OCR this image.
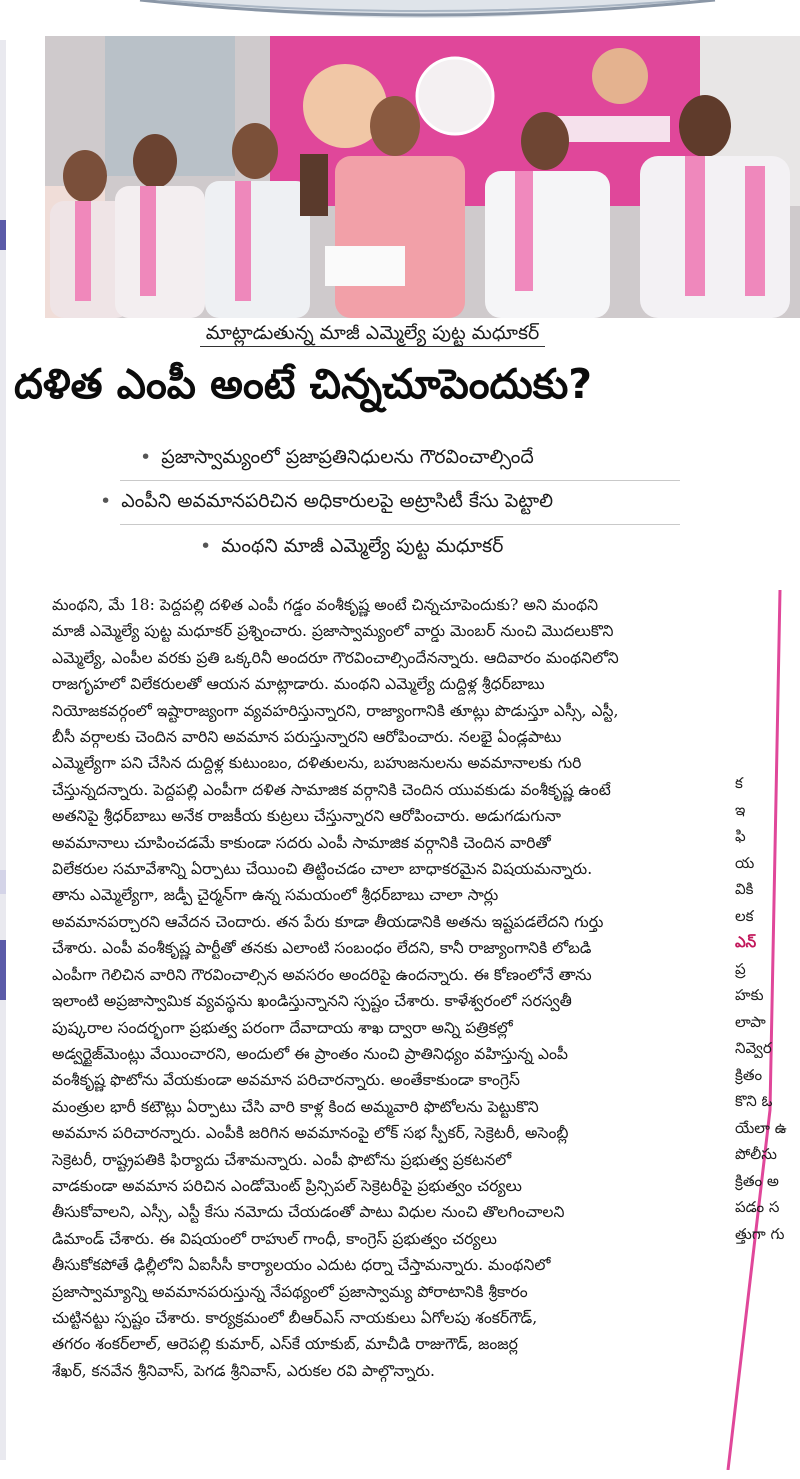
మాట్లాడుతున్న మాజీ ఎమ్మెల్యే పుట్ట మధూకర్
దళిత ఎంపీ అంటే చిన్నచూపెందుకు?
• ప్రజాస్వామ్యంలో ప్రజాప్రతినిధులను గౌరవించాల్సిందే
• ఎంపీని అవమానపరిచిన అధికారులపై అట్రాసిటీ కేసు పెట్టాలి
• మంథని మాజీ ఎమ్మెల్యే పుట్ట మధూకర్
మంథని, మే 18: పెద్దపల్లి దళిత ఎంపీ గడ్డం వంశీకృష్ణ అంటే చిన్నచూపెందుకు? అని మంథని
మాజీ ఎమ్మెల్యే పుట్ట మధూకర్ ప్రశ్నించారు. ప్రజాస్వామ్యంలో వార్డు మెంబర్ నుంచి మొదలుకొని
ఎమ్మెల్యే, ఎంపీల వరకు ప్రతి ఒక్కరినీ అందరూ గౌరవించాల్సిందేనన్నారు. ఆదివారం మంథనిలోని
రాజగృహలో విలేకరులతో ఆయన మాట్లాడారు. మంథని ఎమ్మెల్యే దుద్దిళ్ల శ్రీధర్‌బాబు
నియోజకవర్గంలో ఇష్టారాజ్యంగా వ్యవహరిస్తున్నారని, రాజ్యాంగానికి తూట్లు పొడుస్తూ ఎస్సీ, ఎస్టీ,
బీసీ వర్గాలకు చెందిన వారిని అవమాన పరుస్తున్నారని ఆరోపించారు. నలభై ఏండ్లపాటు
ఎమ్మెల్యేగా పని చేసిన దుద్దిళ్ల కుటుంబం, దళితులను, బహుజనులను అవమానాలకు గురి
చేస్తున్నదన్నారు. పెద్దపల్లి ఎంపీగా దళిత సామాజిక వర్గానికి చెందిన యువకుడు వంశీకృష్ణ ఉంటే
అతనిపై శ్రీధర్‌బాబు అనేక రాజకీయ కుట్రలు చేస్తున్నారని ఆరోపించారు. అడుగడుగునా
అవమానాలు చూపించడమే కాకుండా సదరు ఎంపీ సామాజిక వర్గానికి చెందిన వారితో
విలేకరుల సమావేశాన్ని ఏర్పాటు చేయించి తిట్టించడం చాలా బాధాకరమైన విషయమన్నారు.
తాను ఎమ్మెల్యేగా, జడ్పీ చైర్మన్‌గా ఉన్న సమయంలో శ్రీధర్‌బాబు చాలా సార్లు
అవమానపర్చారని ఆవేదన చెందారు. తన పేరు కూడా తీయడానికి అతను ఇష్టపడలేదని గుర్తు
చేశారు. ఎంపీ వంశీకృష్ణ పార్టీతో తనకు ఎలాంటి సంబంధం లేదని, కానీ రాజ్యాంగానికి లోబడి
ఎంపీగా గెలిచిన వారిని గౌరవించాల్సిన అవసరం అందరిపై ఉందన్నారు. ఈ కోణంలోనే తాను
ఇలాంటి అప్రజాస్వామిక వ్యవస్థను ఖండిస్తున్నానని స్పష్టం చేశారు. కాళేశ్వరంలో సరస్వతీ
పుష్కరాల సందర్భంగా ప్రభుత్వ పరంగా దేవాదాయ శాఖ ద్వారా అన్ని పత్రికల్లో
అడ్వర్టైజ్‌మెంట్లు వేయించారని, అందులో ఈ ప్రాంతం నుంచి ప్రాతినిధ్యం వహిస్తున్న ఎంపీ
వంశీకృష్ణ ఫొటోను వేయకుండా అవమాన పరిచారన్నారు. అంతేకాకుండా కాంగ్రెస్
మంత్రుల భారీ కటౌట్లు ఏర్పాటు చేసి వారి కాళ్ల కింద అమ్మవారి ఫొటోలను పెట్టుకొని
అవమాన పరిచారన్నారు. ఎంపీకి జరిగిన అవమానంపై లోక్ సభ స్పీకర్, సెక్రెటరీ, అసెంబ్లీ
సెక్రెటరీ, రాష్ట్రపతికి ఫిర్యాదు చేశామన్నారు. ఎంపీ ఫొటోను ప్రభుత్వ ప్రకటనలో
వాడకుండా అవమాన పరిచిన ఎండోమెంట్ ప్రిన్సిపల్ సెక్రెటరీపై ప్రభుత్వం చర్యలు
తీసుకోవాలని, ఎస్సీ, ఎస్టీ కేసు నమోదు చేయడంతో పాటు విధుల నుంచి తొలగించాలని
డిమాండ్ చేశారు. ఈ విషయంలో రాహుల్ గాంధీ, కాంగ్రెస్ ప్రభుత్వం చర్యలు
తీసుకోకపోతే ఢిల్లీలోని ఏఐసీసీ కార్యాలయం ఎదుట ధర్నా చేస్తామన్నారు. మంథనిలో
ప్రజాస్వామ్యాన్ని అవమానపరుస్తున్న నేపథ్యంలో ప్రజాస్వామ్య పోరాటానికి శ్రీకారం
చుట్టినట్టు స్పష్టం చేశారు. కార్యక్రమంలో బీఆర్‌ఎస్ నాయకులు ఏగోలపు శంకర్‌గౌడ్,
తగరం శంకర్‌లాల్, ఆరెపల్లి కుమార్, ఎస్‌కే యాకుబ్, మాచీడి రాజుగౌడ్, జంజర్ల
శేఖర్, కనవేన శ్రీనివాస్, పెగడ శ్రీనివాస్, ఎరుకల రవి పాల్గొన్నారు.
క
ఇ
ఫి
య
వికి
లక
ఎన్
ప్ర
హకు
లాపా
నివ్వెర
క్రితం
కొని ఓ
యేలా ఉ
పోలీసు
క్రితం అ
పడం స
త్తుగా గు
